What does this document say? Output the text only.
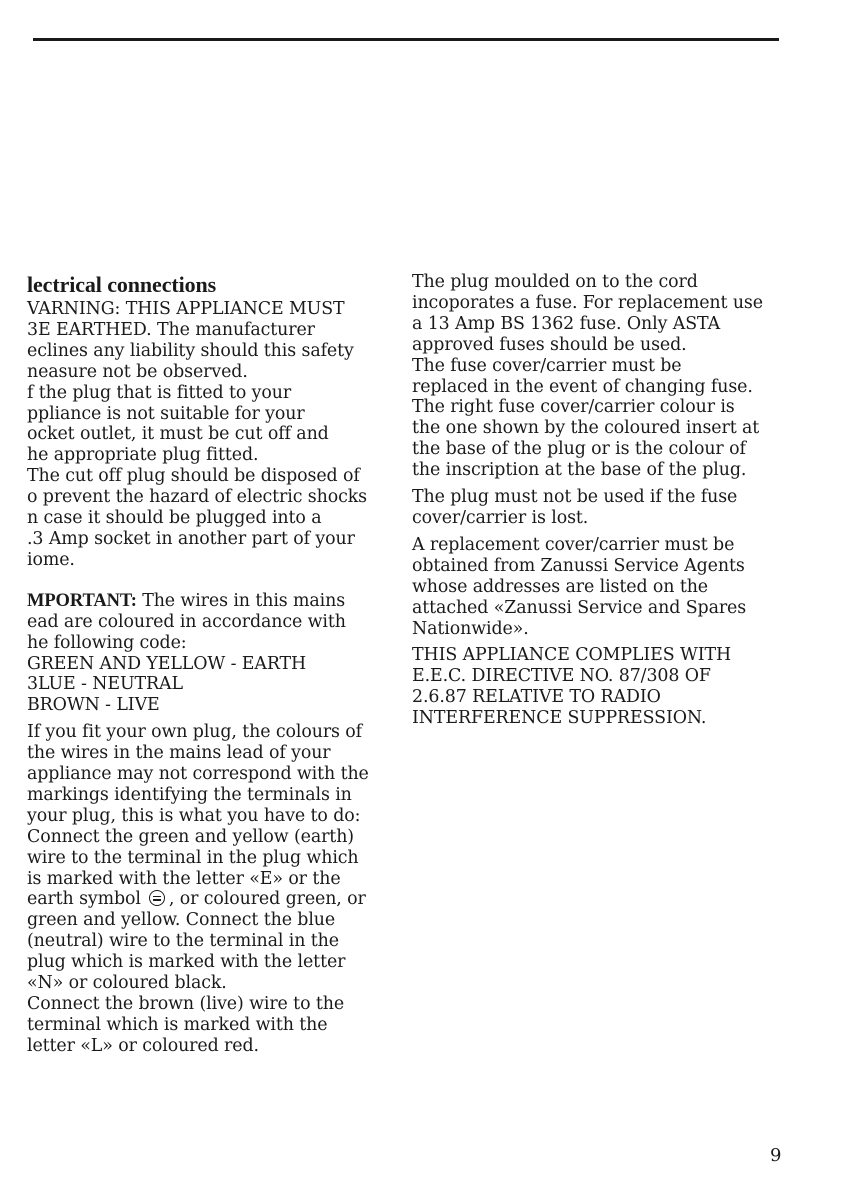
lectrical connections
VARNING: THIS APPLIANCE MUST
3E EARTHED. The manufacturer
eclines any liability should this safety
neasure not be observed.
f the plug that is fitted to your
ppliance is not suitable for your
ocket outlet, it must be cut off and
he appropriate plug fitted.
The cut off plug should be disposed of
o prevent the hazard of electric shocks
n case it should be plugged into a
.3 Amp socket in another part of your
iome.
MPORTANT: The wires in this mains
ead are coloured in accordance with
he following code:
GREEN AND YELLOW - EARTH
3LUE - NEUTRAL
BROWN - LIVE
If you fit your own plug, the colours of
the wires in the mains lead of your
appliance may not correspond with the
markings identifying the terminals in
your plug, this is what you have to do:
Connect the green and yellow (earth)
wire to the terminal in the plug which
is marked with the letter «E» or the
earth symbol , or coloured green, or
green and yellow. Connect the blue
(neutral) wire to the terminal in the
plug which is marked with the letter
«N» or coloured black.
Connect the brown (live) wire to the
terminal which is marked with the
letter «L» or coloured red.
The plug moulded on to the cord
incoporates a fuse. For replacement use
a 13 Amp BS 1362 fuse. Only ASTA
approved fuses should be used.
The fuse cover/carrier must be
replaced in the event of changing fuse.
The right fuse cover/carrier colour is
the one shown by the coloured insert at
the base of the plug or is the colour of
the inscription at the base of the plug.
The plug must not be used if the fuse
cover/carrier is lost.
A replacement cover/carrier must be
obtained from Zanussi Service Agents
whose addresses are listed on the
attached «Zanussi Service and Spares
Nationwide».
THIS APPLIANCE COMPLIES WITH
E.E.C. DIRECTIVE NO. 87/308 OF
2.6.87 RELATIVE TO RADIO
INTERFERENCE SUPPRESSION.
9
